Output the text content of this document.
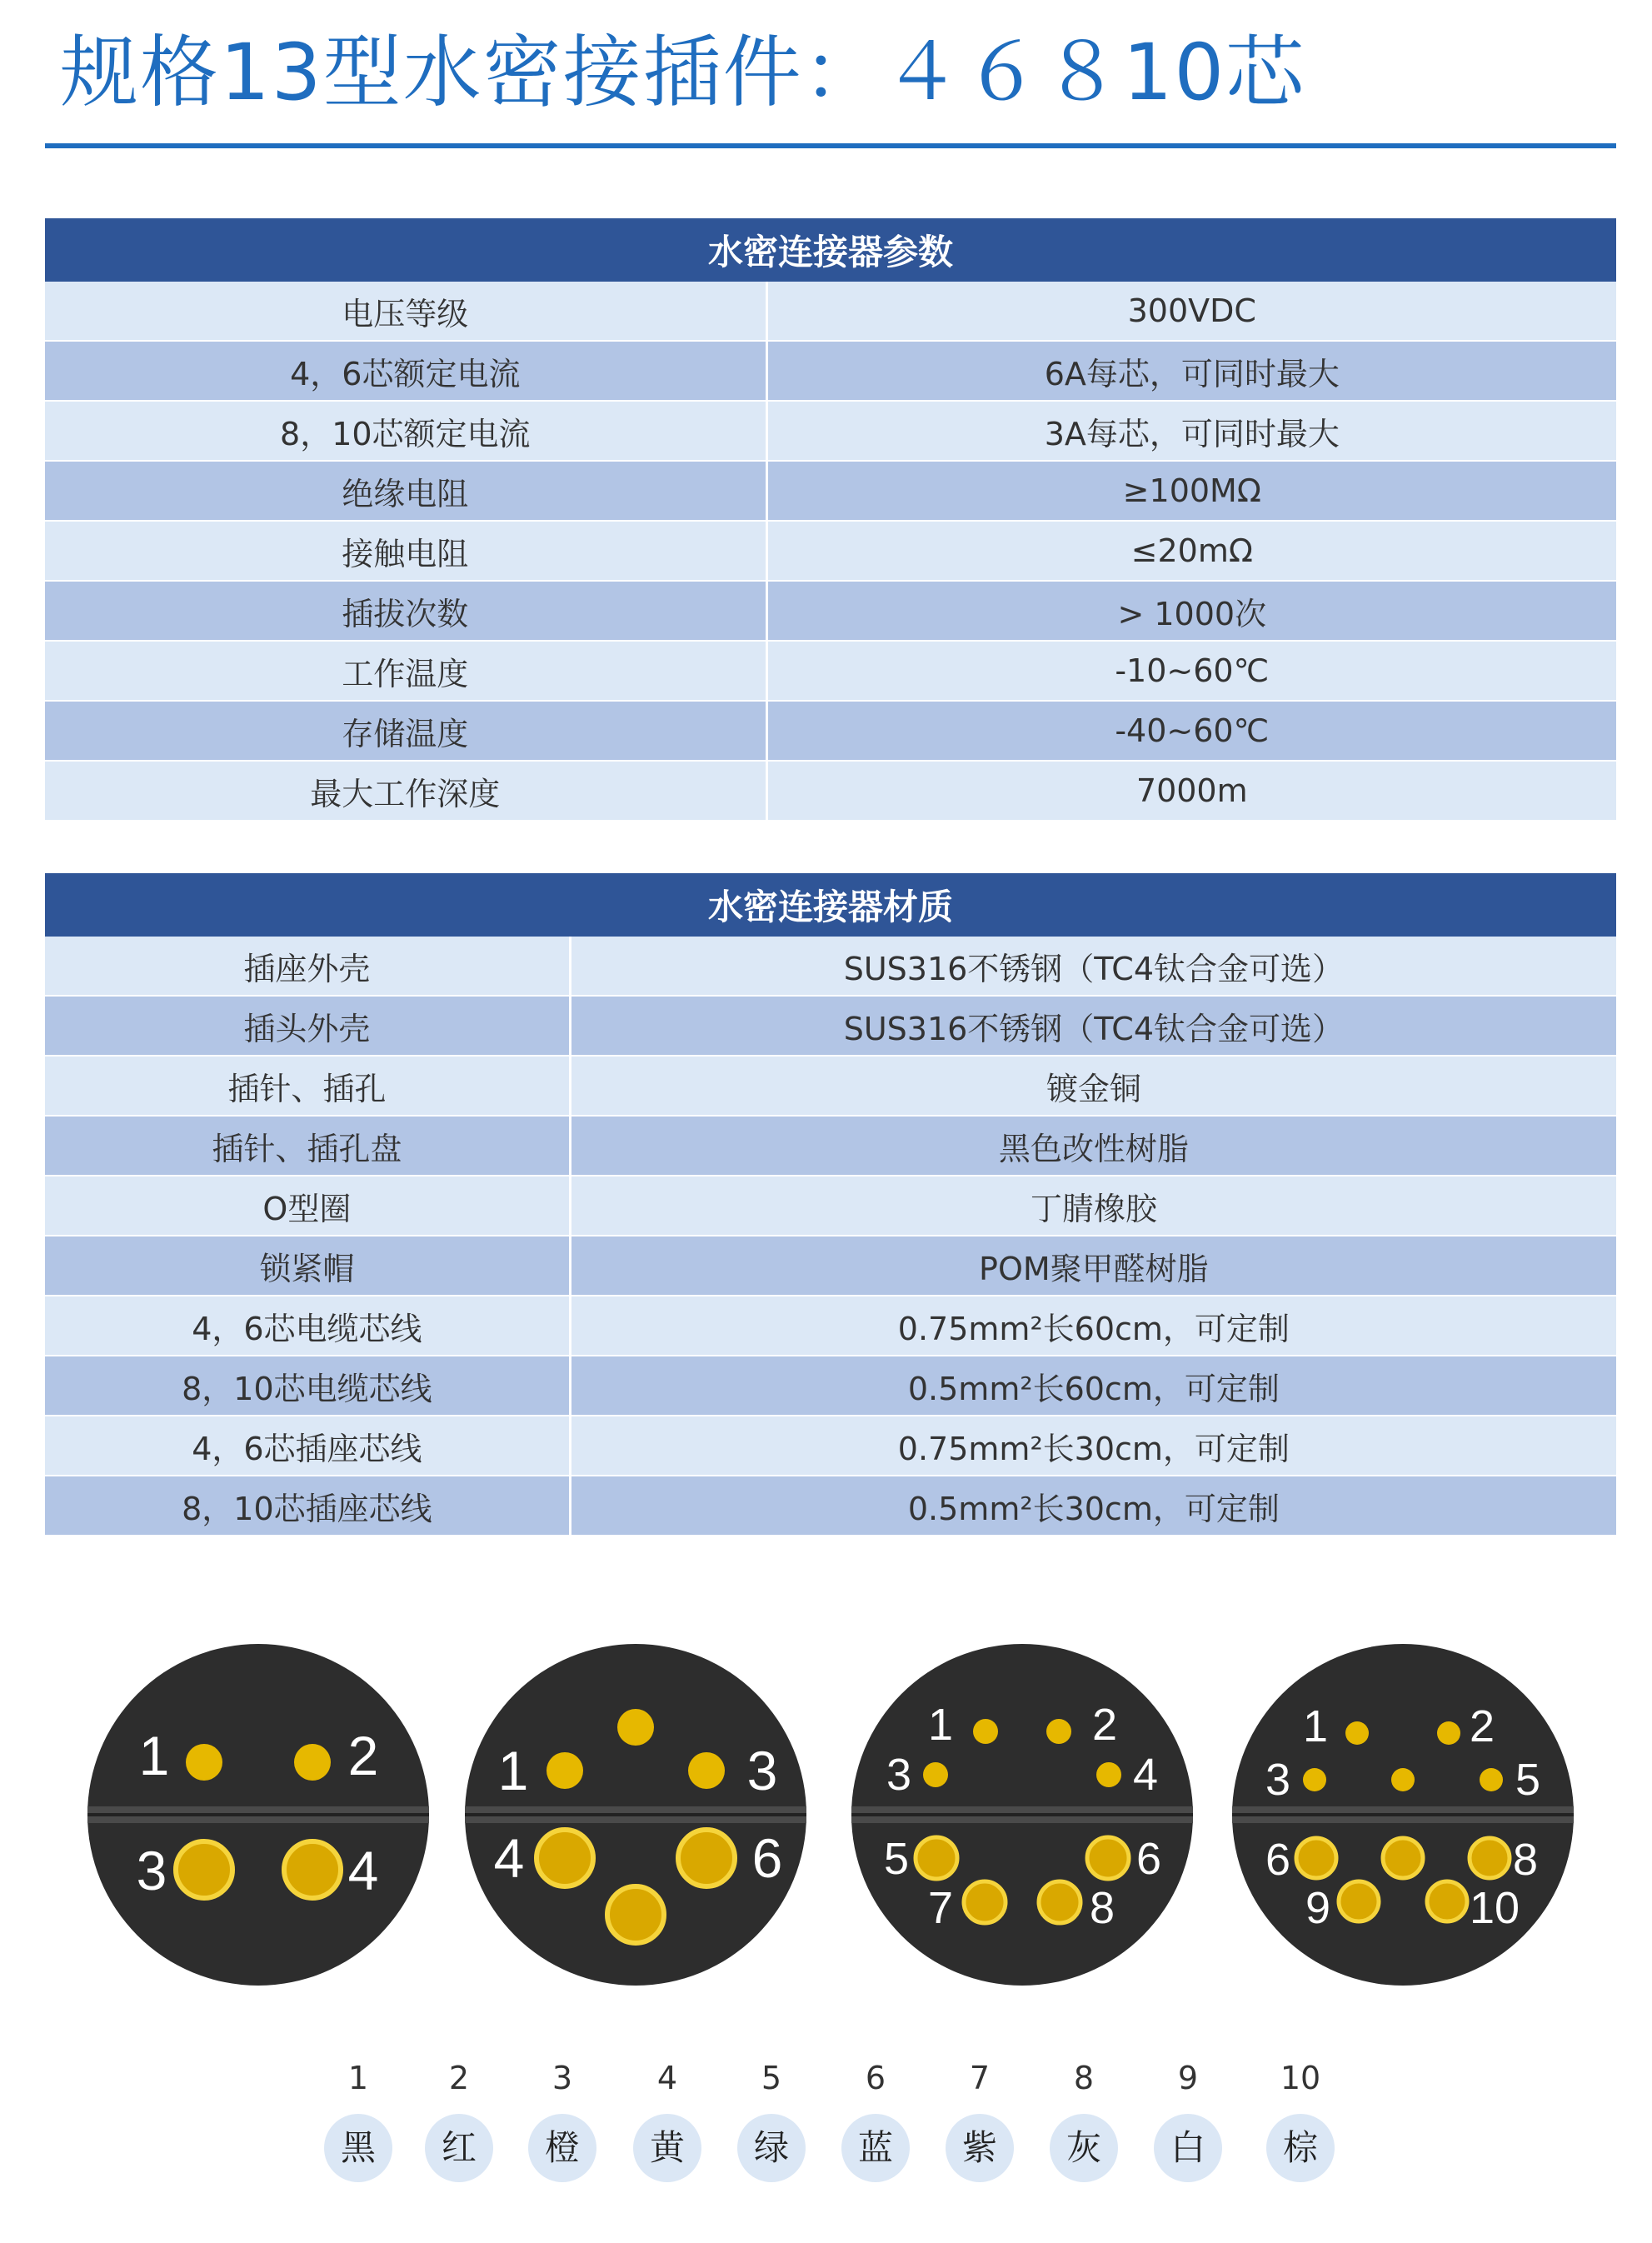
规格13型水密接插件：４６８10芯
水密连接器参数	
电压等级	300VDC
4，6芯额定电流	6A每芯，可同时最大
8，10芯额定电流	3A每芯，可同时最大
绝缘电阻	≥100MΩ
接触电阻	≤20mΩ
插拔次数	> 1000次
工作温度	-10~60℃
存储温度	-40~60℃
最大工作深度	7000m
水密连接器材质	
插座外壳	SUS316不锈钢（TC4钛合金可选）
插头外壳	SUS316不锈钢（TC4钛合金可选）
插针、插孔	镀金铜
插针、插孔盘	黑色改性树脂
O型圈	丁腈橡胶
锁紧帽	POM聚甲醛树脂
4，6芯电缆芯线	0.75mm²长60cm，可定制
8，10芯电缆芯线	0.5mm²长60cm，可定制
4，6芯插座芯线	0.75mm²长30cm，可定制
8，10芯插座芯线	0.5mm²长30cm，可定制
1	2
3	4
1	3
4	6
1	2
3	4
5	6
7	8
1	2
3	5
6	8
9	10
1	2	3	4	5	6	7	8	9	10
黑	红	橙	黄	绿	蓝	紫	灰	白	棕
